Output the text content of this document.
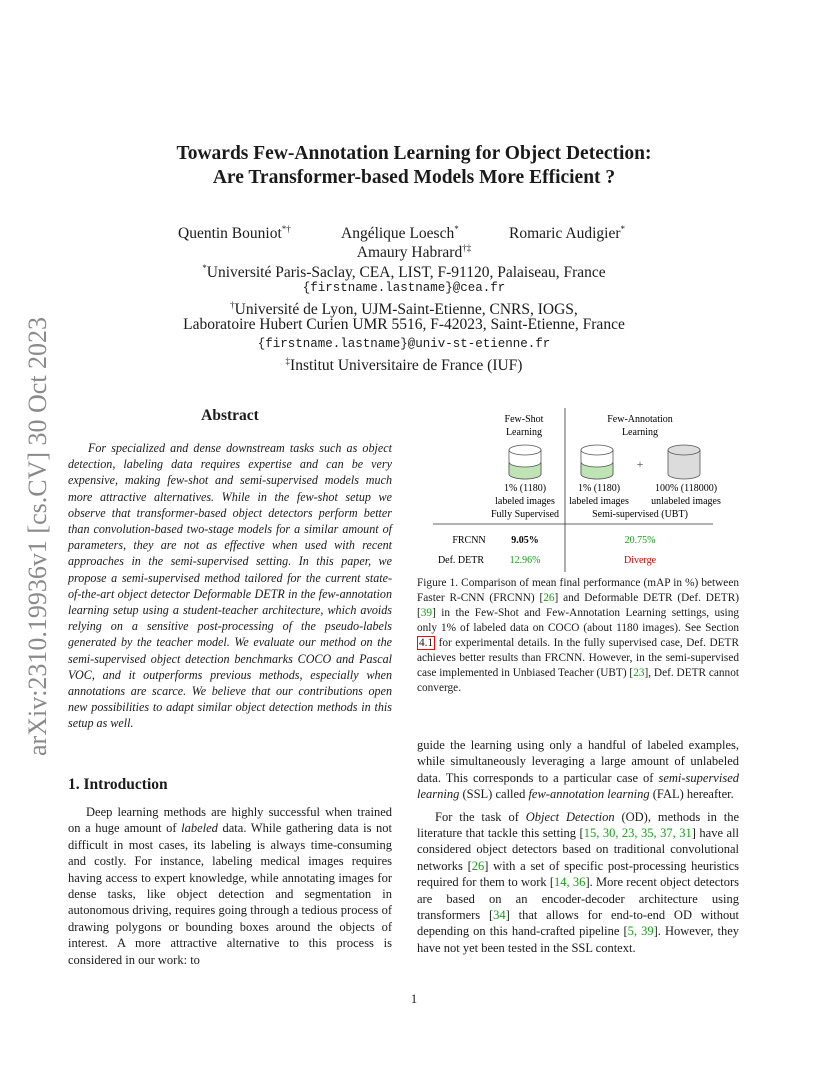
arXiv:2310.19936v1 [cs.CV] 30 Oct 2023
Towards Few-Annotation Learning for Object Detection:
Are Transformer-based Models More Efficient ?
Quentin Bouniot*†	Angélique Loesch*	Romaric Audigier*
Amaury Habrard†‡
*Université Paris-Saclay, CEA, LIST, F-91120, Palaiseau, France
{firstname.lastname}@cea.fr
†Université de Lyon, UJM-Saint-Etienne, CNRS, IOGS,
Laboratoire Hubert Curien UMR 5516, F-42023, Saint-Etienne, France
{firstname.lastname}@univ-st-etienne.fr
‡Institut Universitaire de France (IUF)
Abstract

For specialized and dense downstream tasks such as object detection, labeling data requires expertise and can be very expensive, making few-shot and semi-supervised models much more attractive alternatives. While in the few-shot setup we observe that transformer-based object detectors perform better than convolution-based two-stage models for a similar amount of parameters, they are not as effective when used with recent approaches in the semi-supervised setting. In this paper, we propose a semi-supervised method tailored for the current state-of-the-art object detector Deformable DETR in the few-annotation learning setup using a student-teacher architecture, which avoids relying on a sensitive post-processing of the pseudo-labels generated by the teacher model. We evaluate our method on the semi-supervised object detection benchmarks COCO and Pascal VOC, and it outperforms previous methods, especially when annotations are scarce. We believe that our contributions open new possibilities to adapt similar object detection methods in this setup as well.

1. Introduction

Deep learning methods are highly successful when trained on a huge amount of labeled data. While gathering data is not difficult in most cases, its labeling is always time-consuming and costly. For instance, labeling medical images requires having access to expert knowledge, while annotating images for dense tasks, like object detection and segmentation in autonomous driving, requires going through a tedious process of drawing polygons or bounding boxes around the objects of interest. A more attractive alternative to this process is considered in our work: to

guide the learning using only a handful of labeled examples, while simultaneously leveraging a large amount of unlabeled data. This corresponds to a particular case of semi-supervised learning (SSL) called few-annotation learning (FAL) hereafter.

For the task of Object Detection (OD), methods in the literature that tackle this setting [15, 30, 23, 35, 37, 31] have all considered object detectors based on traditional convolutional networks [26] with a set of specific post-processing heuristics required for them to work [14, 36]. More recent object detectors are based on an encoder-decoder architecture using transformers [34] that allows for end-to-end OD without depending on this hand-crafted pipeline [5, 39]. However, they have not yet been tested in the SSL context.

Few-Shot
Learning
Few-Annotation
Learning
+
1% (1180)
labeled images
Fully Supervised
1% (1180)
labeled images
100% (118000)
unlabeled images
Semi-supervised (UBT)
FRCNN	9.05%	20.75%
Def. DETR	12.96%	Diverge
Figure 1. Comparison of mean final performance (mAP in %) between Faster R-CNN (FRCNN) [26] and Deformable DETR (Def. DETR) [39] in the Few-Shot and Few-Annotation Learning settings, using only 1% of labeled data on COCO (about 1180 images). See Section 4.1 for experimental details. In the fully supervised case, Def. DETR achieves better results than FRCNN. However, in the semi-supervised case implemented in Unbiased Teacher (UBT) [23], Def. DETR cannot converge.
1
